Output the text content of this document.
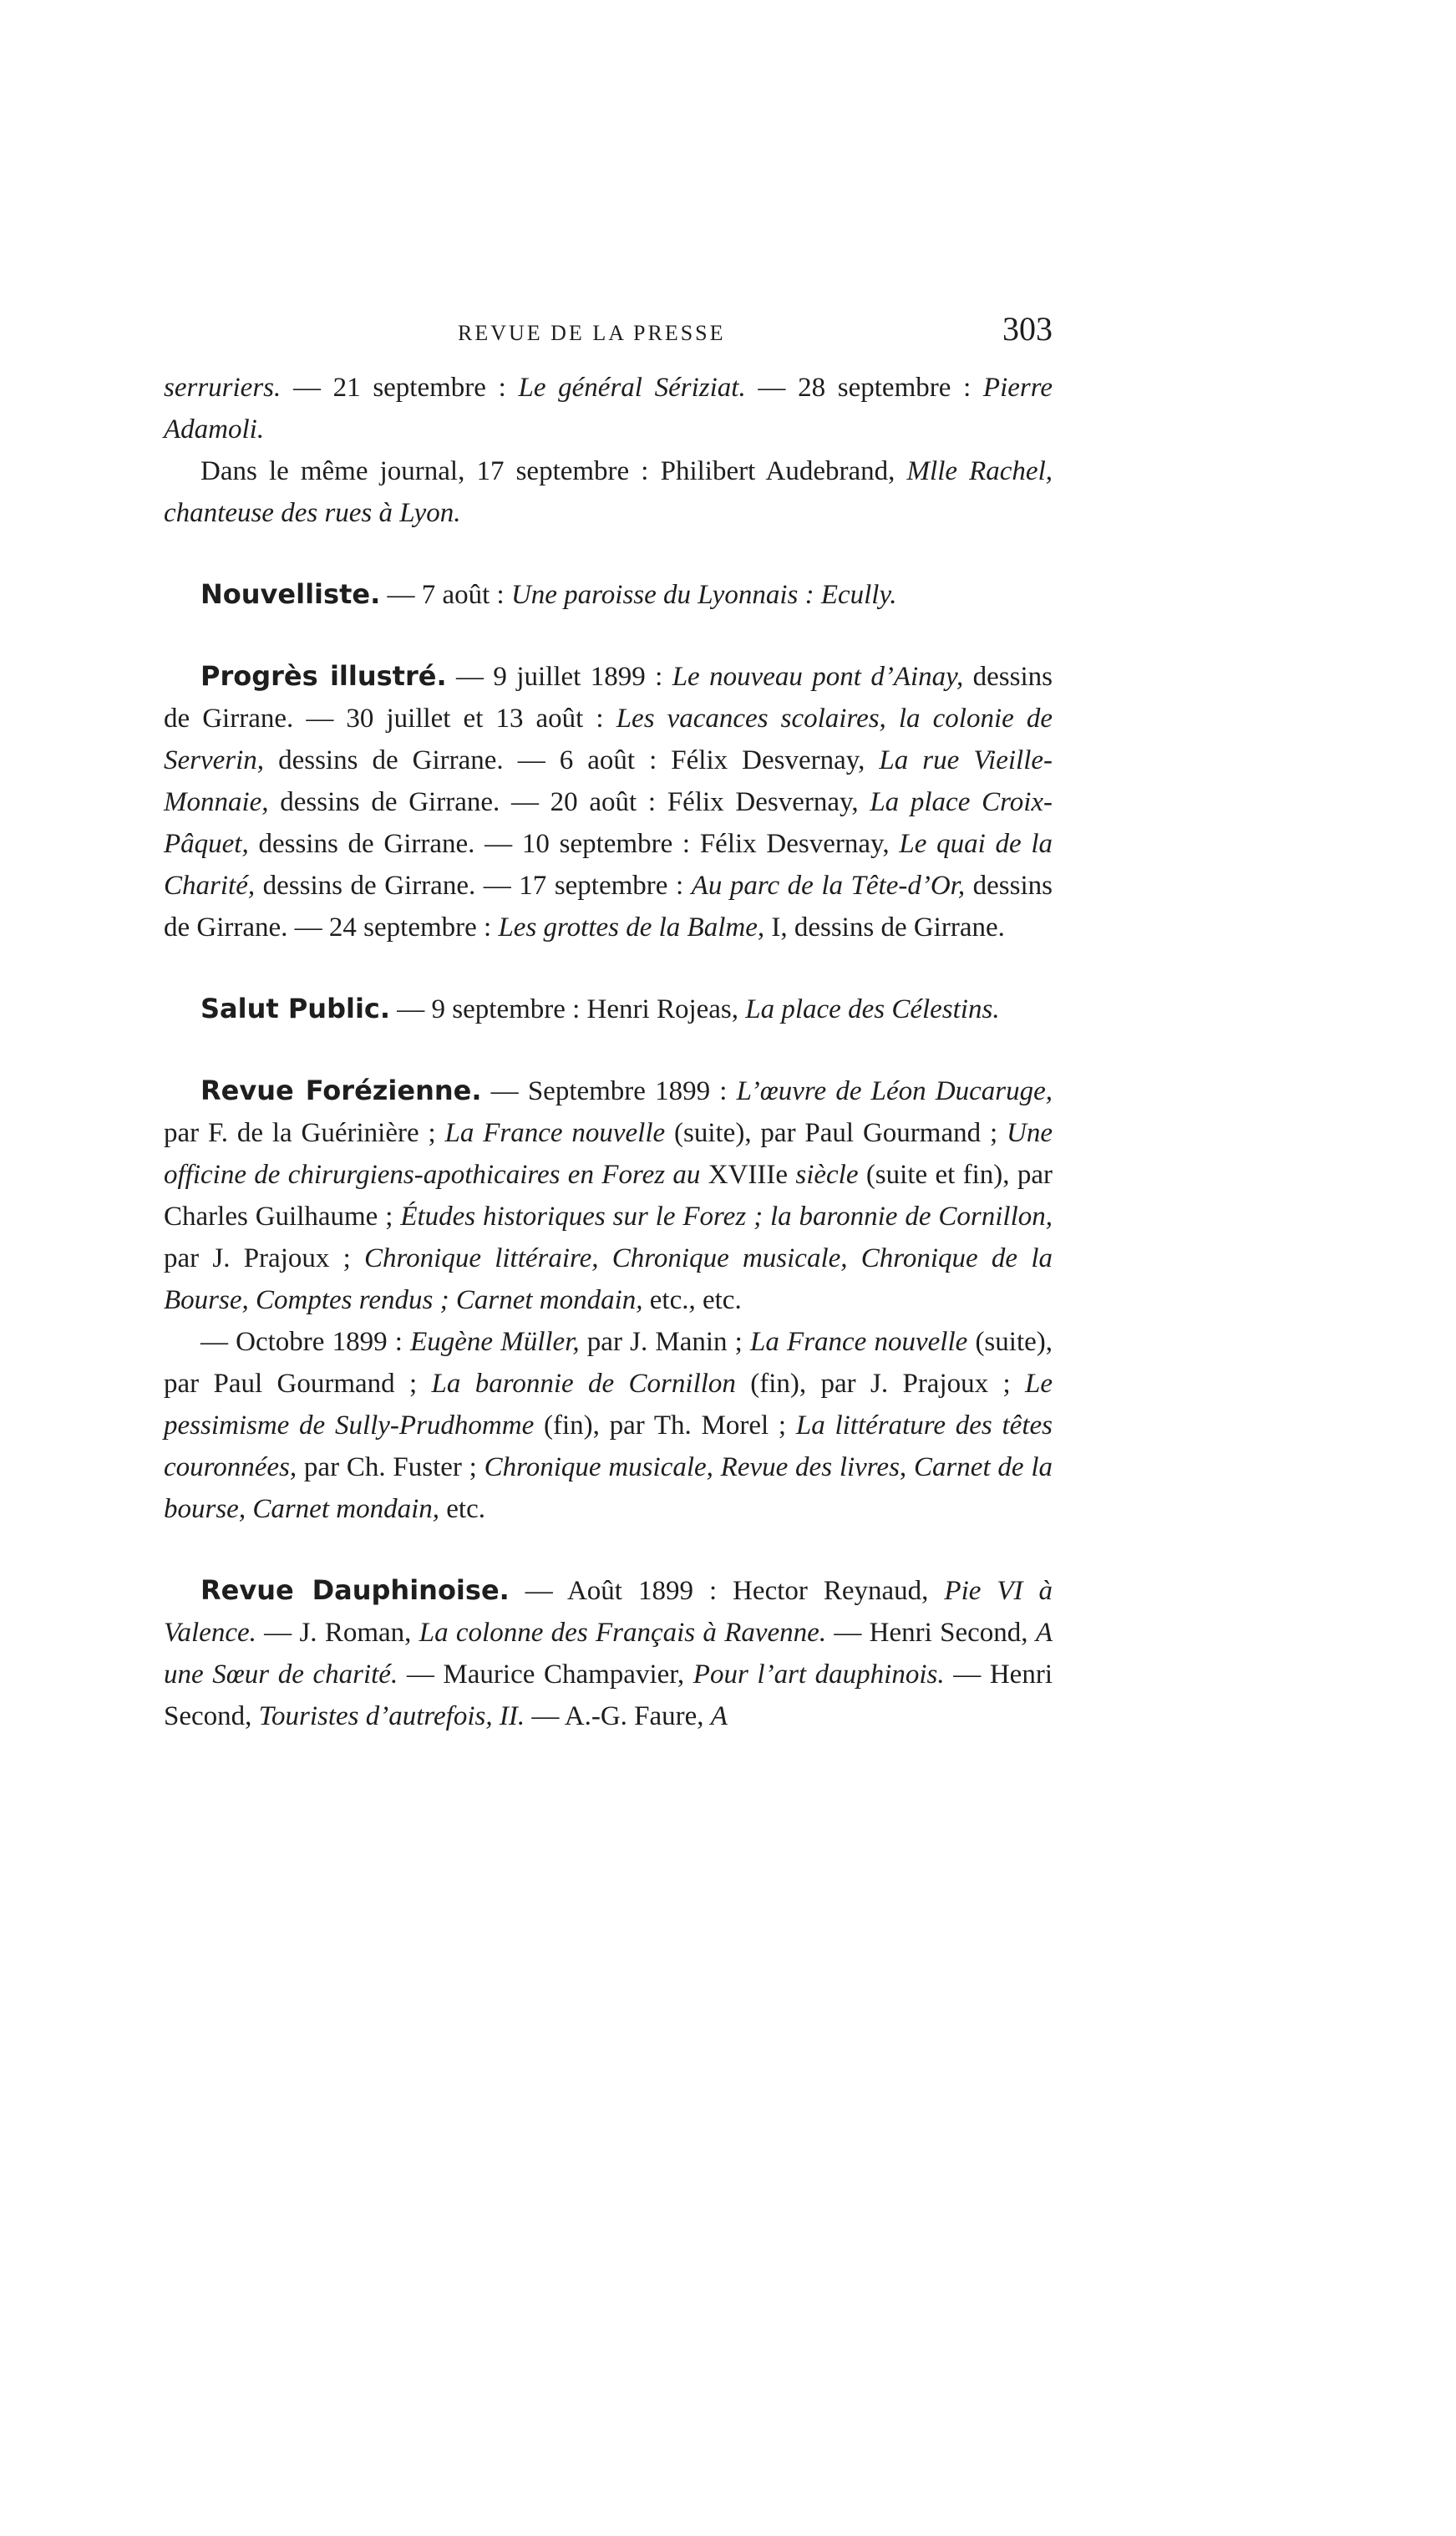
REVUE DE LA PRESSE	303

serruriers. — 21 septembre : Le général Sériziat. — 28 septembre : Pierre Adamoli.

Dans le même journal, 17 septembre : Philibert Audebrand, Mlle Rachel, chanteuse des rues à Lyon.

Nouvelliste. — 7 août : Une paroisse du Lyonnais : Ecully.

Progrès illustré. — 9 juillet 1899 : Le nouveau pont d’Ainay, dessins de Girrane. — 30 juillet et 13 août : Les vacances scolaires, la colonie de Serverin, dessins de Girrane. — 6 août : Félix Desvernay, La rue Vieille-Monnaie, dessins de Girrane. — 20 août : Félix Desvernay, La place Croix-Pâquet, dessins de Girrane. — 10 septembre : Félix Desvernay, Le quai de la Charité, dessins de Girrane. — 17 septembre : Au parc de la Tête-d’Or, dessins de Girrane. — 24 septembre : Les grottes de la Balme, I, dessins de Girrane.

Salut Public. — 9 septembre : Henri Rojeas, La place des Célestins.

Revue Forézienne. — Septembre 1899 : L’œuvre de Léon Ducaruge, par F. de la Guérinière ; La France nouvelle (suite), par Paul Gourmand ; Une officine de chirurgiens-apothicaires en Forez au XVIIIe siècle (suite et fin), par Charles Guilhaume ; Études historiques sur le Forez ; la baronnie de Cornillon, par J. Prajoux ; Chronique littéraire, Chronique musicale, Chronique de la Bourse, Comptes rendus ; Carnet mondain, etc., etc.

— Octobre 1899 : Eugène Müller, par J. Manin ; La France nouvelle (suite), par Paul Gourmand ; La baronnie de Cornillon (fin), par J. Prajoux ; Le pessimisme de Sully-Prudhomme (fin), par Th. Morel ; La littérature des têtes couronnées, par Ch. Fuster ; Chronique musicale, Revue des livres, Carnet de la bourse, Carnet mondain, etc.

Revue Dauphinoise. — Août 1899 : Hector Reynaud, Pie VI à Valence. — J. Roman, La colonne des Français à Ravenne. — Henri Second, A une Sœur de charité. — Maurice Champavier, Pour l’art dauphinois. — Henri Second, Touristes d’autrefois, II. — A.-G. Faure, A
